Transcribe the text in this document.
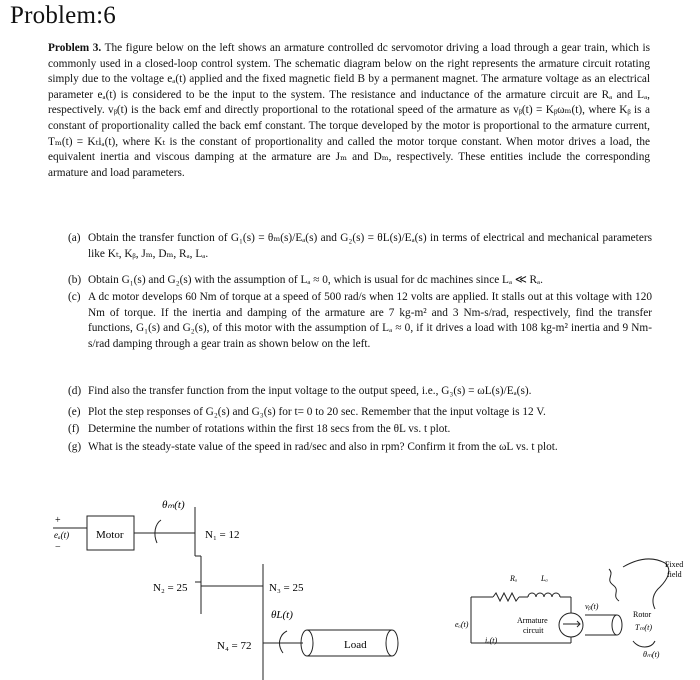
Problem:6
Problem 3. The figure below on the left shows an armature controlled dc servomotor driving a load through a gear train, which is commonly used in a closed-loop control system. The schematic diagram below on the right represents the armature circuit rotating simply due to the voltage eₐ(t) applied and the fixed magnetic field B by a permanent magnet. The armature voltage as an electrical parameter eₐ(t) is considered to be the input to the system. The resistance and inductance of the armature circuit are Rₐ and Lₐ, respectively. vᵦ(t) is the back emf and directly proportional to the rotational speed of the armature as vᵦ(t) = Kᵦωₘ(t), where Kᵦ is a constant of proportionality called the back emf constant. The torque developed by the motor is proportional to the armature current, Tₘ(t) = Kₜiₐ(t), where Kₜ is the constant of proportionality and called the motor torque constant. When motor drives a load, the equivalent inertia and viscous damping at the armature are Jₘ and Dₘ, respectively. These entities include the corresponding armature and load parameters.
(a) Obtain the transfer function of G₁(s) = θₘ(s)/Eₐ(s) and G₂(s) = θL(s)/Eₐ(s) in terms of electrical and mechanical parameters like Kₜ, Kᵦ, Jₘ, Dₘ, Rₐ, Lₐ.
(b) Obtain G₁(s) and G₂(s) with the assumption of Lₐ ≈ 0, which is usual for dc machines since Lₐ ≪ Rₐ.
(c) A dc motor develops 60 Nm of torque at a speed of 500 rad/s when 12 volts are applied. It stalls out at this voltage with 120 Nm of torque. If the inertia and damping of the armature are 7 kg-m² and 3 Nm-s/rad, respectively, find the transfer functions, G₁(s) and G₂(s), of this motor with the assumption of Lₐ ≈ 0, if it drives a load with 108 kg-m² inertia and 9 Nm-s/rad damping through a gear train as shown below on the left.
(d) Find also the transfer function from the input voltage to the output speed, i.e., G₃(s) = ωL(s)/Eₐ(s).
(e) Plot the step responses of G₂(s) and G₃(s) for t= 0 to 20 sec. Remember that the input voltage is 12 V.
(f) Determine the number of rotations within the first 18 secs from the θL vs. t plot.
(g) What is the steady-state value of the speed in rad/sec and also in rpm? Confirm it from the ωL vs. t plot.
θₘ(t)
+
eₐ(t)
−
Motor	N₁ = 12
N₂ = 25	N₃ = 25
θL(t)
N₄ = 72	Load
Rₐ	Lₐ
eₐ(t)	Armature
circuit
vᵦ(t)
iₐ(t)
Fixed
field
Rotor
Tₘ(t)
θₘ(t)
